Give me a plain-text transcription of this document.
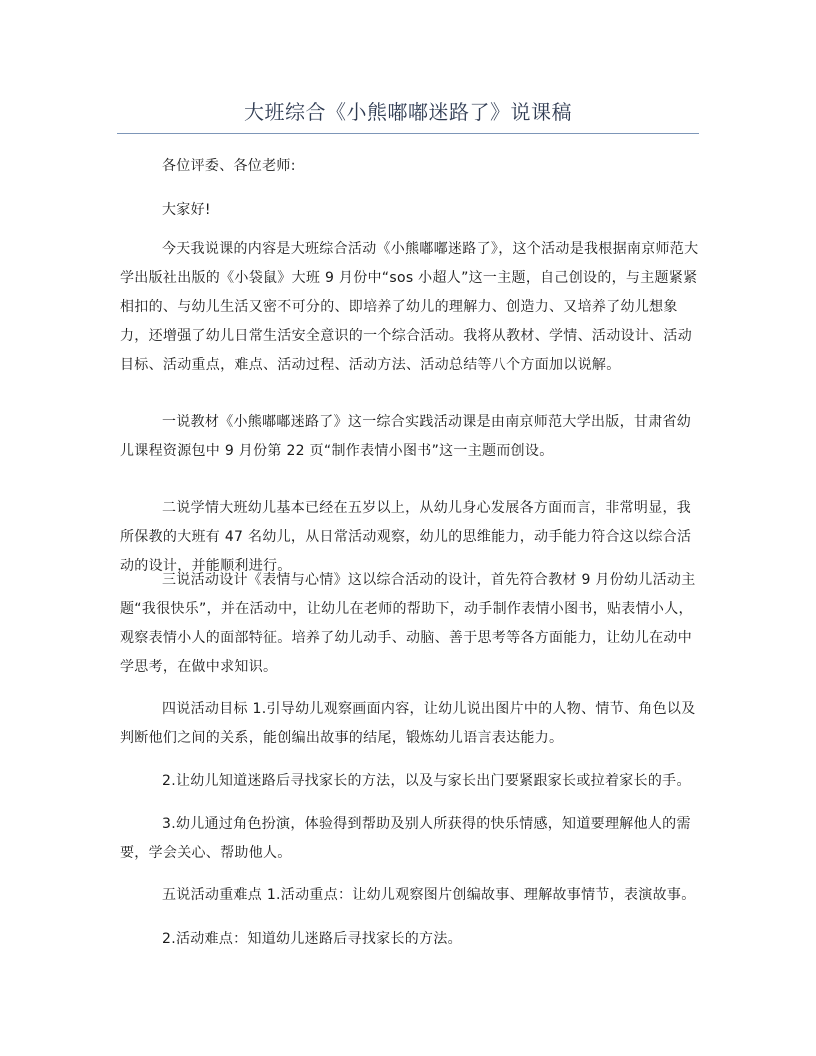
大班综合《小熊嘟嘟迷路了》说课稿

各位评委、各位老师:

大家好!

今天我说课的内容是大班综合活动《小熊嘟嘟迷路了》，这个活动是我根据南京师范大学出版社出版的《小袋鼠》大班 9 月份中“sos 小超人”这一主题，自己创设的，与主题紧紧相扣的、与幼儿生活又密不可分的、即培养了幼儿的理解力、创造力、又培养了幼儿想象力，还增强了幼儿日常生活安全意识的一个综合活动。我将从教材、学情、活动设计、活动目标、活动重点，难点、活动过程、活动方法、活动总结等八个方面加以说解。

一说教材《小熊嘟嘟迷路了》这一综合实践活动课是由南京师范大学出版，甘肃省幼儿课程资源包中 9 月份第 22 页“制作表情小图书”这一主题而创设。

二说学情大班幼儿基本已经在五岁以上，从幼儿身心发展各方面而言，非常明显，我所保教的大班有 47 名幼儿，从日常活动观察，幼儿的思维能力，动手能力符合这以综合活动的设计，并能顺利进行。

三说活动设计《表情与心情》这以综合活动的设计，首先符合教材 9 月份幼儿活动主题“我很快乐”，并在活动中，让幼儿在老师的帮助下，动手制作表情小图书，贴表情小人，观察表情小人的面部特征。培养了幼儿动手、动脑、善于思考等各方面能力，让幼儿在动中学思考，在做中求知识。

四说活动目标 1.引导幼儿观察画面内容，让幼儿说出图片中的人物、情节、角色以及判断他们之间的关系，能创编出故事的结尾，锻炼幼儿语言表达能力。

2.让幼儿知道迷路后寻找家长的方法，以及与家长出门要紧跟家长或拉着家长的手。

3.幼儿通过角色扮演，体验得到帮助及别人所获得的快乐情感，知道要理解他人的需要，学会关心、帮助他人。

五说活动重难点 1.活动重点：让幼儿观察图片创编故事、理解故事情节，表演故事。

2.活动难点：知道幼儿迷路后寻找家长的方法。
